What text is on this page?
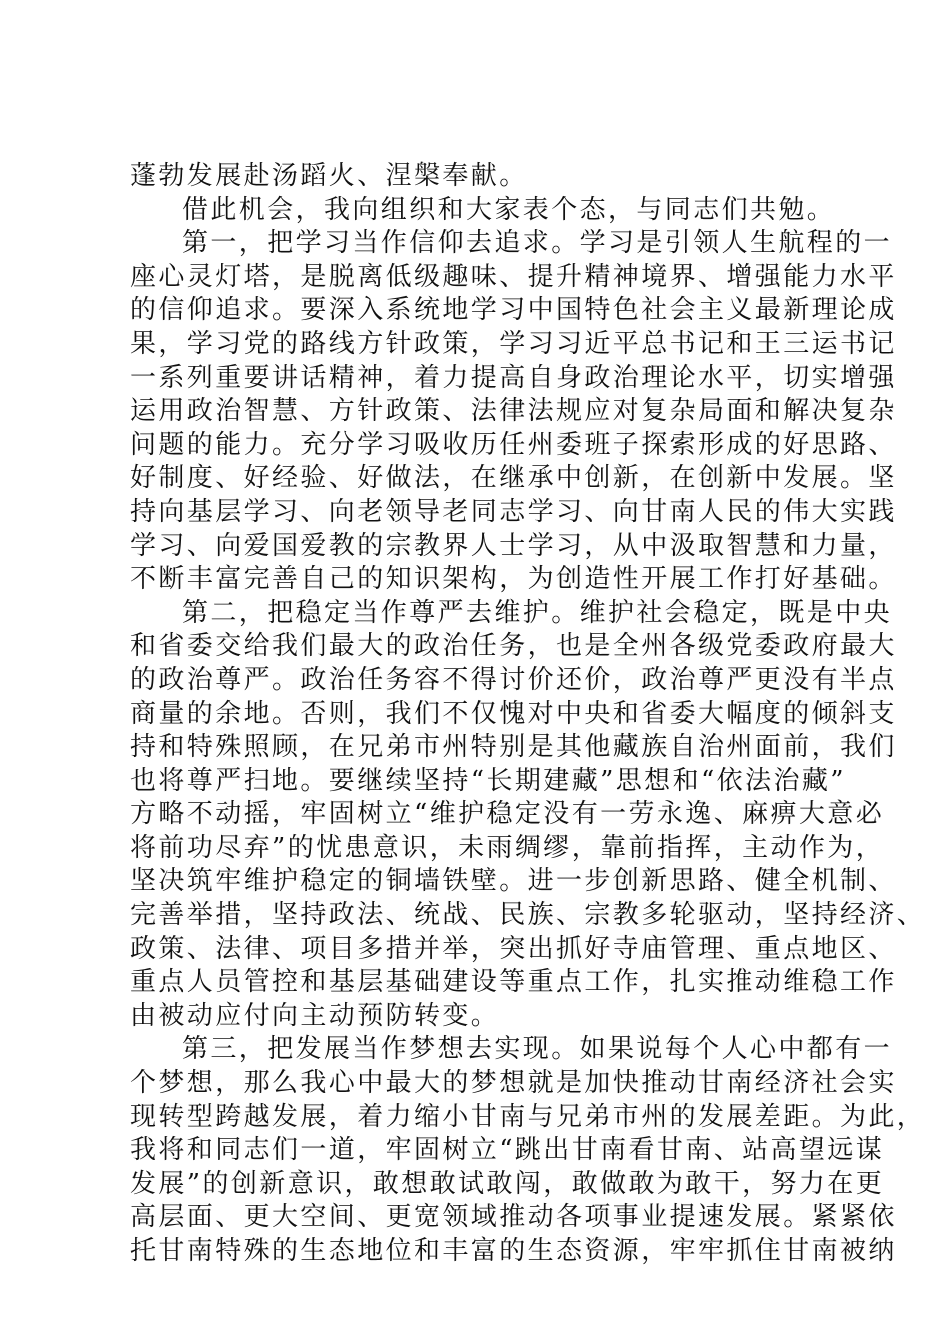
蓬勃发展赴汤蹈火、涅槃奉献。
借此机会，我向组织和大家表个态，与同志们共勉。
第一，把学习当作信仰去追求。学习是引领人生航程的一
座心灵灯塔，是脱离低级趣味、提升精神境界、增强能力水平
的信仰追求。要深入系统地学习中国特色社会主义最新理论成
果，学习党的路线方针政策，学习习近平总书记和王三运书记
一系列重要讲话精神，着力提高自身政治理论水平，切实增强
运用政治智慧、方针政策、法律法规应对复杂局面和解决复杂
问题的能力。充分学习吸收历任州委班子探索形成的好思路、
好制度、好经验、好做法，在继承中创新，在创新中发展。坚
持向基层学习、向老领导老同志学习、向甘南人民的伟大实践
学习、向爱国爱教的宗教界人士学习，从中汲取智慧和力量，
不断丰富完善自己的知识架构，为创造性开展工作打好基础。
第二，把稳定当作尊严去维护。维护社会稳定，既是中央
和省委交给我们最大的政治任务，也是全州各级党委政府最大
的政治尊严。政治任务容不得讨价还价，政治尊严更没有半点
商量的余地。否则，我们不仅愧对中央和省委大幅度的倾斜支
持和特殊照顾，在兄弟市州特别是其他藏族自治州面前，我们
也将尊严扫地。要继续坚持“长期建藏”思想和“依法治藏”
方略不动摇，牢固树立“维护稳定没有一劳永逸、麻痹大意必
将前功尽弃”的忧患意识，未雨绸缪，靠前指挥，主动作为，
坚决筑牢维护稳定的铜墙铁壁。进一步创新思路、健全机制、
完善举措，坚持政法、统战、民族、宗教多轮驱动，坚持经济、
政策、法律、项目多措并举，突出抓好寺庙管理、重点地区、
重点人员管控和基层基础建设等重点工作，扎实推动维稳工作
由被动应付向主动预防转变。
第三，把发展当作梦想去实现。如果说每个人心中都有一
个梦想，那么我心中最大的梦想就是加快推动甘南经济社会实
现转型跨越发展，着力缩小甘南与兄弟市州的发展差距。为此，
我将和同志们一道，牢固树立“跳出甘南看甘南、站高望远谋
发展”的创新意识，敢想敢试敢闯，敢做敢为敢干，努力在更
高层面、更大空间、更宽领域推动各项事业提速发展。紧紧依
托甘南特殊的生态地位和丰富的生态资源，牢牢抓住甘南被纳
